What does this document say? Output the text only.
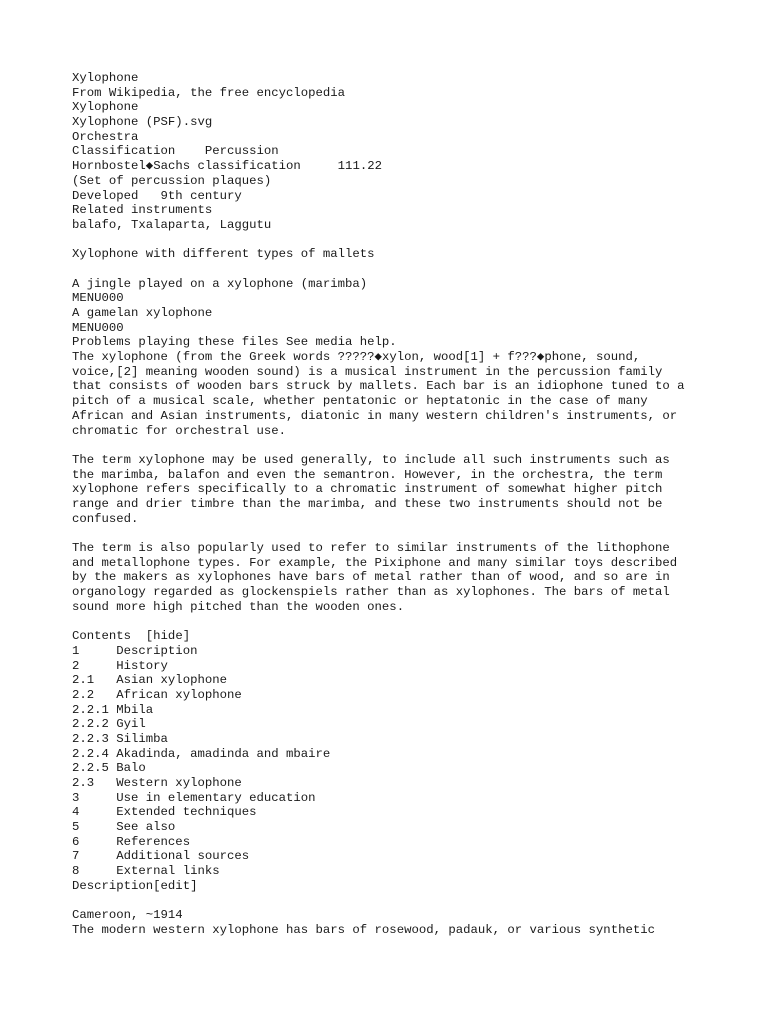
Xylophone
From Wikipedia, the free encyclopedia
Xylophone
Xylophone (PSF).svg
Orchestra
Classification    Percussion
Hornbostel◆Sachs classification     111.22
(Set of percussion plaques)
Developed   9th century
Related instruments
balafo, Txalaparta, Laggutu
Xylophone with different types of mallets
A jingle played on a xylophone (marimba)
MENU000
A gamelan xylophone
MENU000
Problems playing these files See media help.
The xylophone (from the Greek words ?????◆xylon, wood[1] + f???◆phone, sound,
voice,[2] meaning wooden sound) is a musical instrument in the percussion family
that consists of wooden bars struck by mallets. Each bar is an idiophone tuned to a
pitch of a musical scale, whether pentatonic or heptatonic in the case of many
African and Asian instruments, diatonic in many western children's instruments, or
chromatic for orchestral use.
The term xylophone may be used generally, to include all such instruments such as
the marimba, balafon and even the semantron. However, in the orchestra, the term
xylophone refers specifically to a chromatic instrument of somewhat higher pitch
range and drier timbre than the marimba, and these two instruments should not be
confused.
The term is also popularly used to refer to similar instruments of the lithophone
and metallophone types. For example, the Pixiphone and many similar toys described
by the makers as xylophones have bars of metal rather than of wood, and so are in
organology regarded as glockenspiels rather than as xylophones. The bars of metal
sound more high pitched than the wooden ones.
Contents  [hide]
1     Description
2     History
2.1   Asian xylophone
2.2   African xylophone
2.2.1 Mbila
2.2.2 Gyil
2.2.3 Silimba
2.2.4 Akadinda, amadinda and mbaire
2.2.5 Balo
2.3   Western xylophone
3     Use in elementary education
4     Extended techniques
5     See also
6     References
7     Additional sources
8     External links
Description[edit]
Cameroon, ~1914
The modern western xylophone has bars of rosewood, padauk, or various synthetic
